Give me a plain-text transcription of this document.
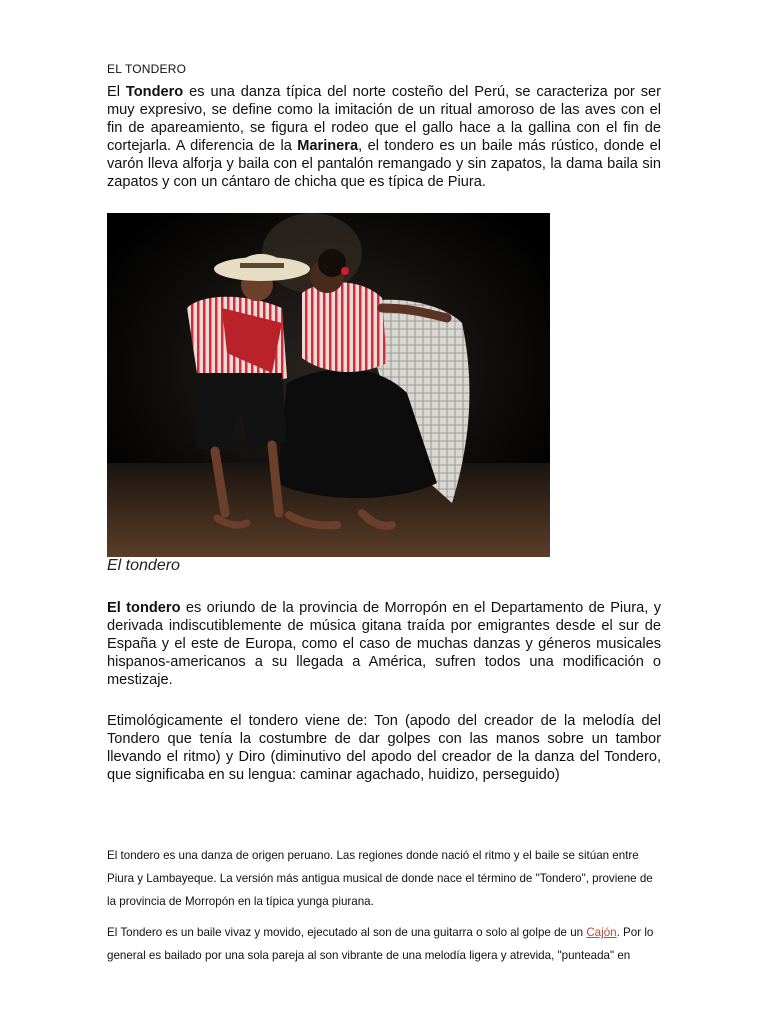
EL TONDERO
El Tondero es una danza típica del norte costeño del Perú, se caracteriza por ser muy expresivo, se define como la imitación de un ritual amoroso de las aves con el fin de apareamiento, se figura el rodeo que el gallo hace a la gallina con el fin de cortejarla. A diferencia de la Marinera, el tondero es un baile más rústico, donde el varón lleva alforja y baila con el pantalón remangado y sin zapatos, la dama baila sin zapatos y con un cántaro de chicha que es típica de Piura.
El tondero
El tondero es oriundo de la provincia de Morropón en el Departamento de Piura, y derivada indiscutiblemente de música gitana traída por emigrantes desde el sur de España y el este de Europa, como el caso de muchas danzas y géneros musicales hispanos-americanos a su llegada a América, sufren todos una modificación o mestizaje.
Etimológicamente el tondero viene de: Ton (apodo del creador de la melodía del Tondero que tenía la costumbre de dar golpes con las manos sobre un tambor llevando el ritmo) y Diro (diminutivo del apodo del creador de la danza del Tondero, que significaba en su lengua: caminar agachado, huidizo, perseguido)
El tondero es una danza de origen peruano. Las regiones donde nació el ritmo y el baile se sitúan entre Piura y Lambayeque. La versión más antigua musical de donde nace el término de "Tondero", proviene de la provincia de Morropón en la típica yunga piurana.
El Tondero es un baile vivaz y movido, ejecutado al son de una guitarra o solo al golpe de un Cajón. Por lo general es bailado por una sola pareja al son vibrante de una melodía ligera y atrevida, "punteada" en
